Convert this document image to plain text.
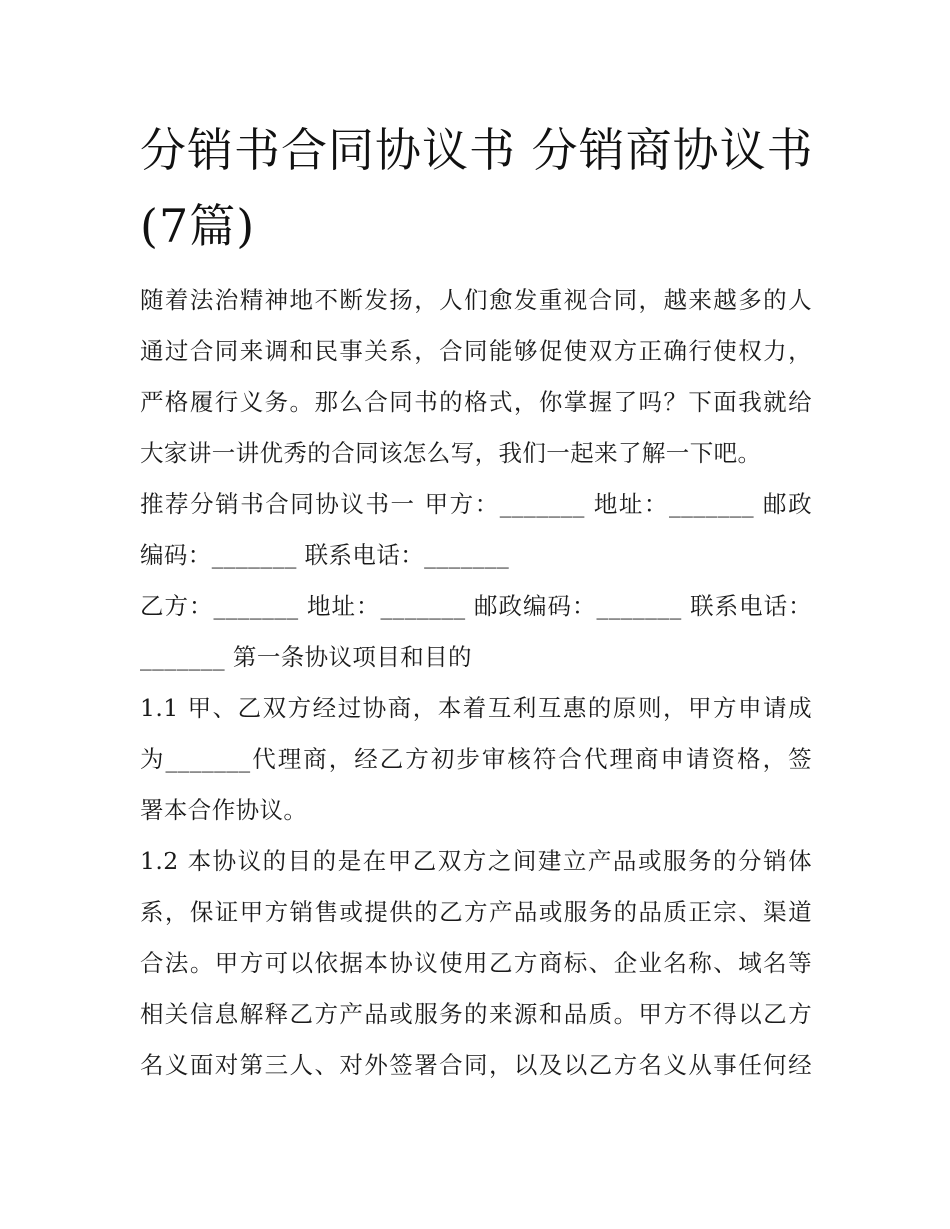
分销书合同协议书 分销商协议书(7篇)

随着法治精神地不断发扬，人们愈发重视合同，越来越多的人

通过合同来调和民事关系，合同能够促使双方正确行使权力，

严格履行义务。那么合同书的格式，你掌握了吗？下面我就给

大家讲一讲优秀的合同该怎么写，我们一起来了解一下吧。

推荐分销书合同协议书一 甲方：_______ 地址：_______ 邮政

编码：_______ 联系电话：_______

乙方：_______ 地址：_______ 邮政编码：_______ 联系电话：

_______ 第一条协议项目和目的

1.1 甲、乙双方经过协商，本着互利互惠的原则，甲方申请成

为_______代理商，经乙方初步审核符合代理商申请资格，签

署本合作协议。

1.2 本协议的目的是在甲乙双方之间建立产品或服务的分销体

系，保证甲方销售或提供的乙方产品或服务的品质正宗、渠道

合法。甲方可以依据本协议使用乙方商标、企业名称、域名等

相关信息解释乙方产品或服务的来源和品质。甲方不得以乙方

名义面对第三人、对外签署合同，以及以乙方名义从事任何经
